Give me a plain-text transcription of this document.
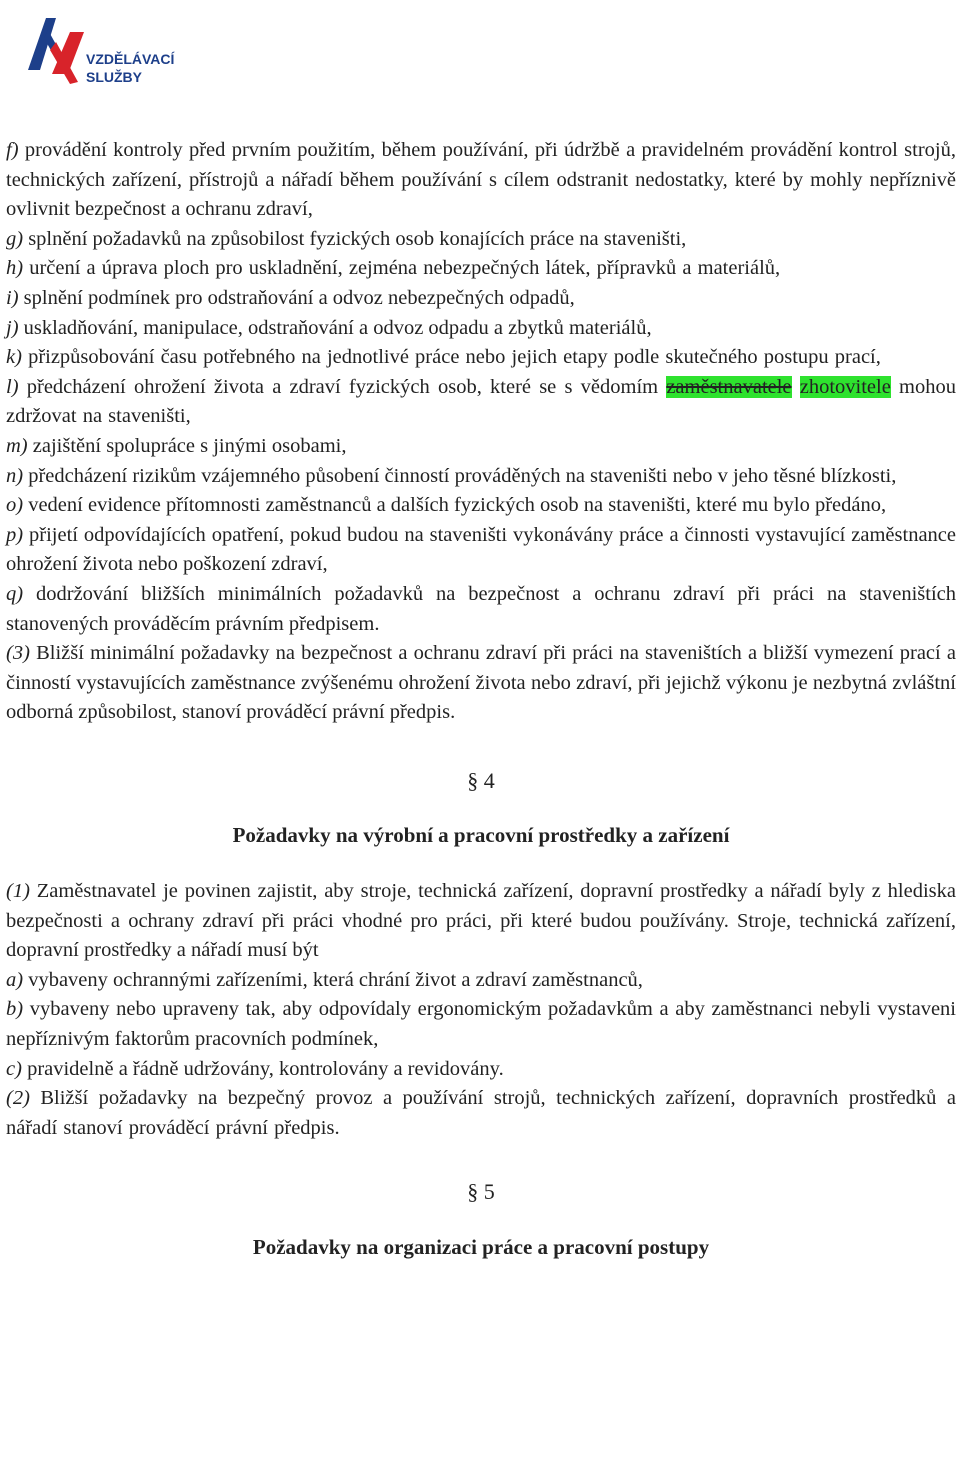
VZDĚLÁVACÍ
SLUŽBY

f) provádění kontroly před prvním použitím, během používání, při údržbě a pravidelném provádění kontrol strojů, technických zařízení, přístrojů a nářadí během používání s cílem odstranit nedostatky, které by mohly nepříznivě ovlivnit bezpečnost a ochranu zdraví,

g) splnění požadavků na způsobilost fyzických osob konajících práce na staveništi,

h) určení a úprava ploch pro uskladnění, zejména nebezpečných látek, přípravků a materiálů,

i) splnění podmínek pro odstraňování a odvoz nebezpečných odpadů,

j) uskladňování, manipulace, odstraňování a odvoz odpadu a zbytků materiálů,

k) přizpůsobování času potřebného na jednotlivé práce nebo jejich etapy podle skutečného postupu prací,

l) předcházení ohrožení života a zdraví fyzických osob, které se s vědomím zaměstnavatele zhotovitele mohou zdržovat na staveništi,

m) zajištění spolupráce s jinými osobami,

n) předcházení rizikům vzájemného působení činností prováděných na staveništi nebo v jeho těsné blízkosti,

o) vedení evidence přítomnosti zaměstnanců a dalších fyzických osob na staveništi, které mu bylo předáno,

p) přijetí odpovídajících opatření, pokud budou na staveništi vykonávány práce a činnosti vystavující zaměstnance ohrožení života nebo poškození zdraví,

q) dodržování bližších minimálních požadavků na bezpečnost a ochranu zdraví při práci na staveništích stanovených prováděcím právním předpisem.

(3) Bližší minimální požadavky na bezpečnost a ochranu zdraví při práci na staveništích a bližší vymezení prací a činností vystavujících zaměstnance zvýšenému ohrožení života nebo zdraví, při jejichž výkonu je nezbytná zvláštní odborná způsobilost, stanoví prováděcí právní předpis.

§ 4

Požadavky na výrobní a pracovní prostředky a zařízení

(1) Zaměstnavatel je povinen zajistit, aby stroje, technická zařízení, dopravní prostředky a nářadí byly z hlediska bezpečnosti a ochrany zdraví při práci vhodné pro práci, při které budou používány. Stroje, technická zařízení, dopravní prostředky a nářadí musí být

a) vybaveny ochrannými zařízeními, která chrání život a zdraví zaměstnanců,

b) vybaveny nebo upraveny tak, aby odpovídaly ergonomickým požadavkům a aby zaměstnanci nebyli vystaveni nepříznivým faktorům pracovních podmínek,

c) pravidelně a řádně udržovány, kontrolovány a revidovány.

(2) Bližší požadavky na bezpečný provoz a používání strojů, technických zařízení, dopravních prostředků a nářadí stanoví prováděcí právní předpis.

§ 5

Požadavky na organizaci práce a pracovní postupy
